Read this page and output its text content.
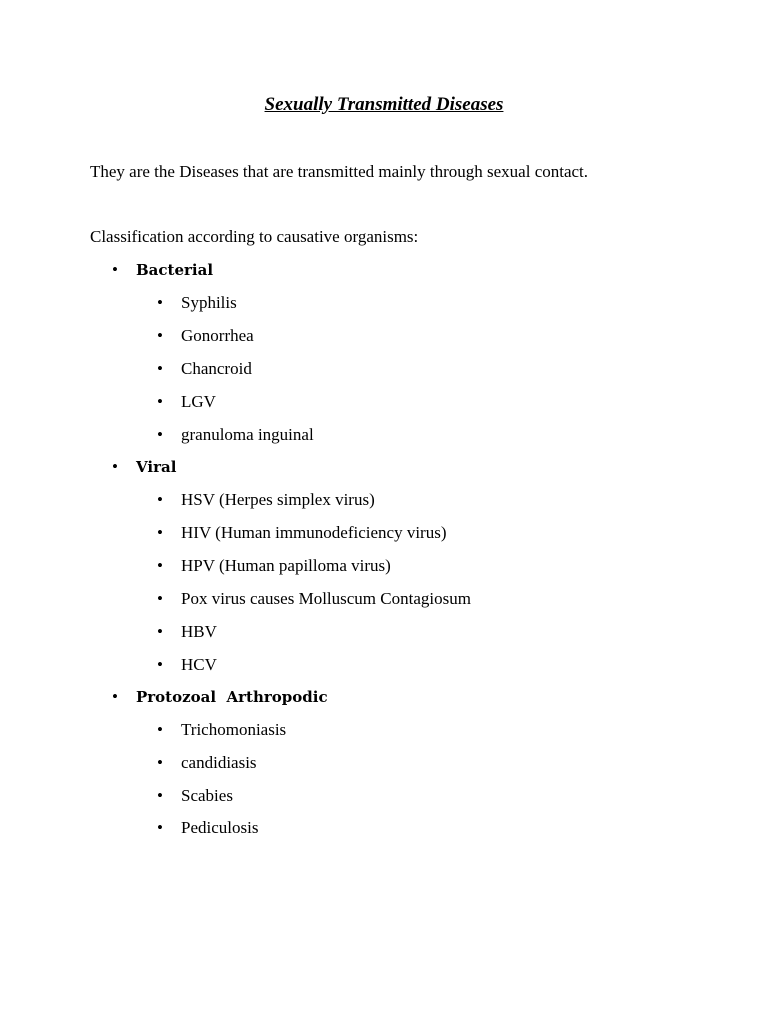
Sexually Transmitted Diseases
They are the Diseases that are transmitted mainly through sexual contact.
Classification according to causative organisms:
• Bacterial
• Syphilis
• Gonorrhea
• Chancroid
• LGV
• granuloma inguinal
• Viral
• HSV (Herpes simplex virus)
• HIV (Human immunodeficiency virus)
• HPV (Human papilloma virus)
• Pox virus causes Molluscum Contagiosum
• HBV
• HCV
• Protozoal  Arthropodic
• Trichomoniasis
• candidiasis
• Scabies
• Pediculosis
